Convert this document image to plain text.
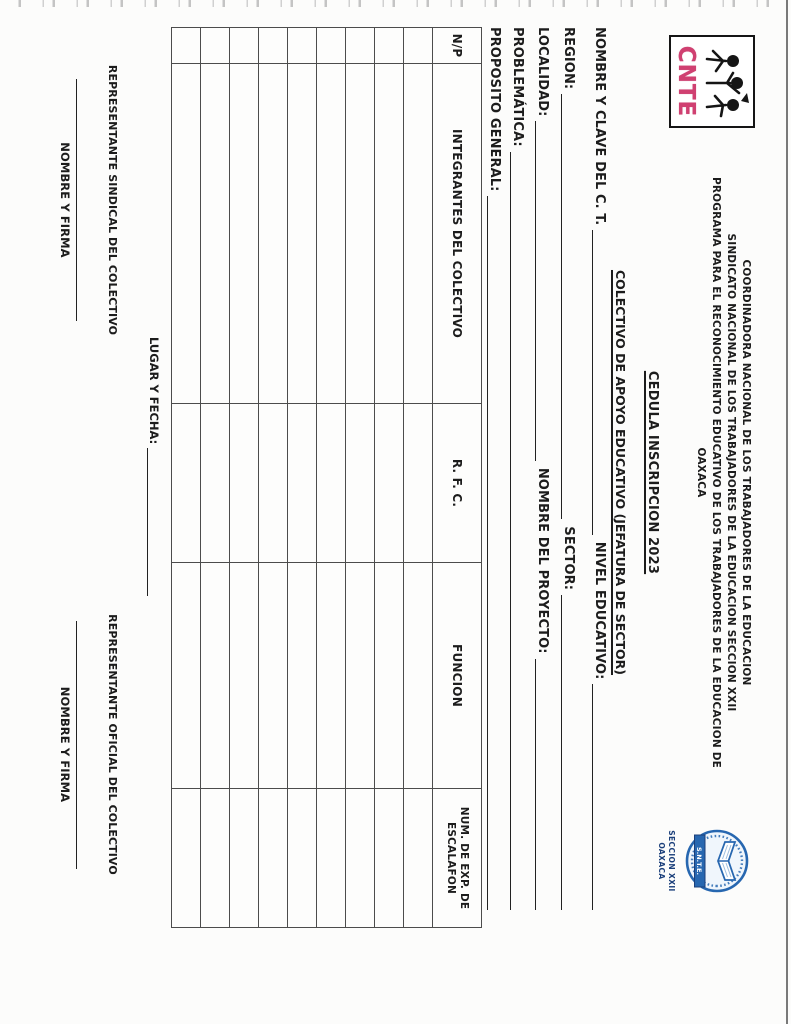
CNTE
COORDINADORA NACIONAL DE LOS TRABAJADORES DE LA EDUCACION
SINDICATO NACIONAL DE LOS TRABAJADORES DE LA EDUCACION SECCION XXII
PROGRAMA PARA EL RECONOCIMIENTO EDUCATIVO DE LOS TRABAJADORES DE LA EDUCACION DE
OAXACA
S.N.T.E.
SECCION XXII
OAXACA
CEDULA INSCRIPCION 2023
COLECTIVO DE APOYO EDUCATIVO (JEFATURA DE SECTOR)
NOMBRE Y CLAVE DEL C. T.
NIVEL EDUCATIVO:
REGION:
SECTOR:
LOCALIDAD:
NOMBRE DEL PROYECTO:
PROBLEMÁTICA:
PROPOSITO GENERAL:
N/P	INTEGRANTES DEL COLECTIVO	R. F. C.	FUNCION	NUM. DE EXP. DE ESCALAFON

LUGAR Y FECHA:
REPRESENTANTE SINDICAL DEL COLECTIVO
NOMBRE Y FIRMA
REPRESENTANTE OFICIAL DEL COLECTIVO
NOMBRE Y FIRMA
